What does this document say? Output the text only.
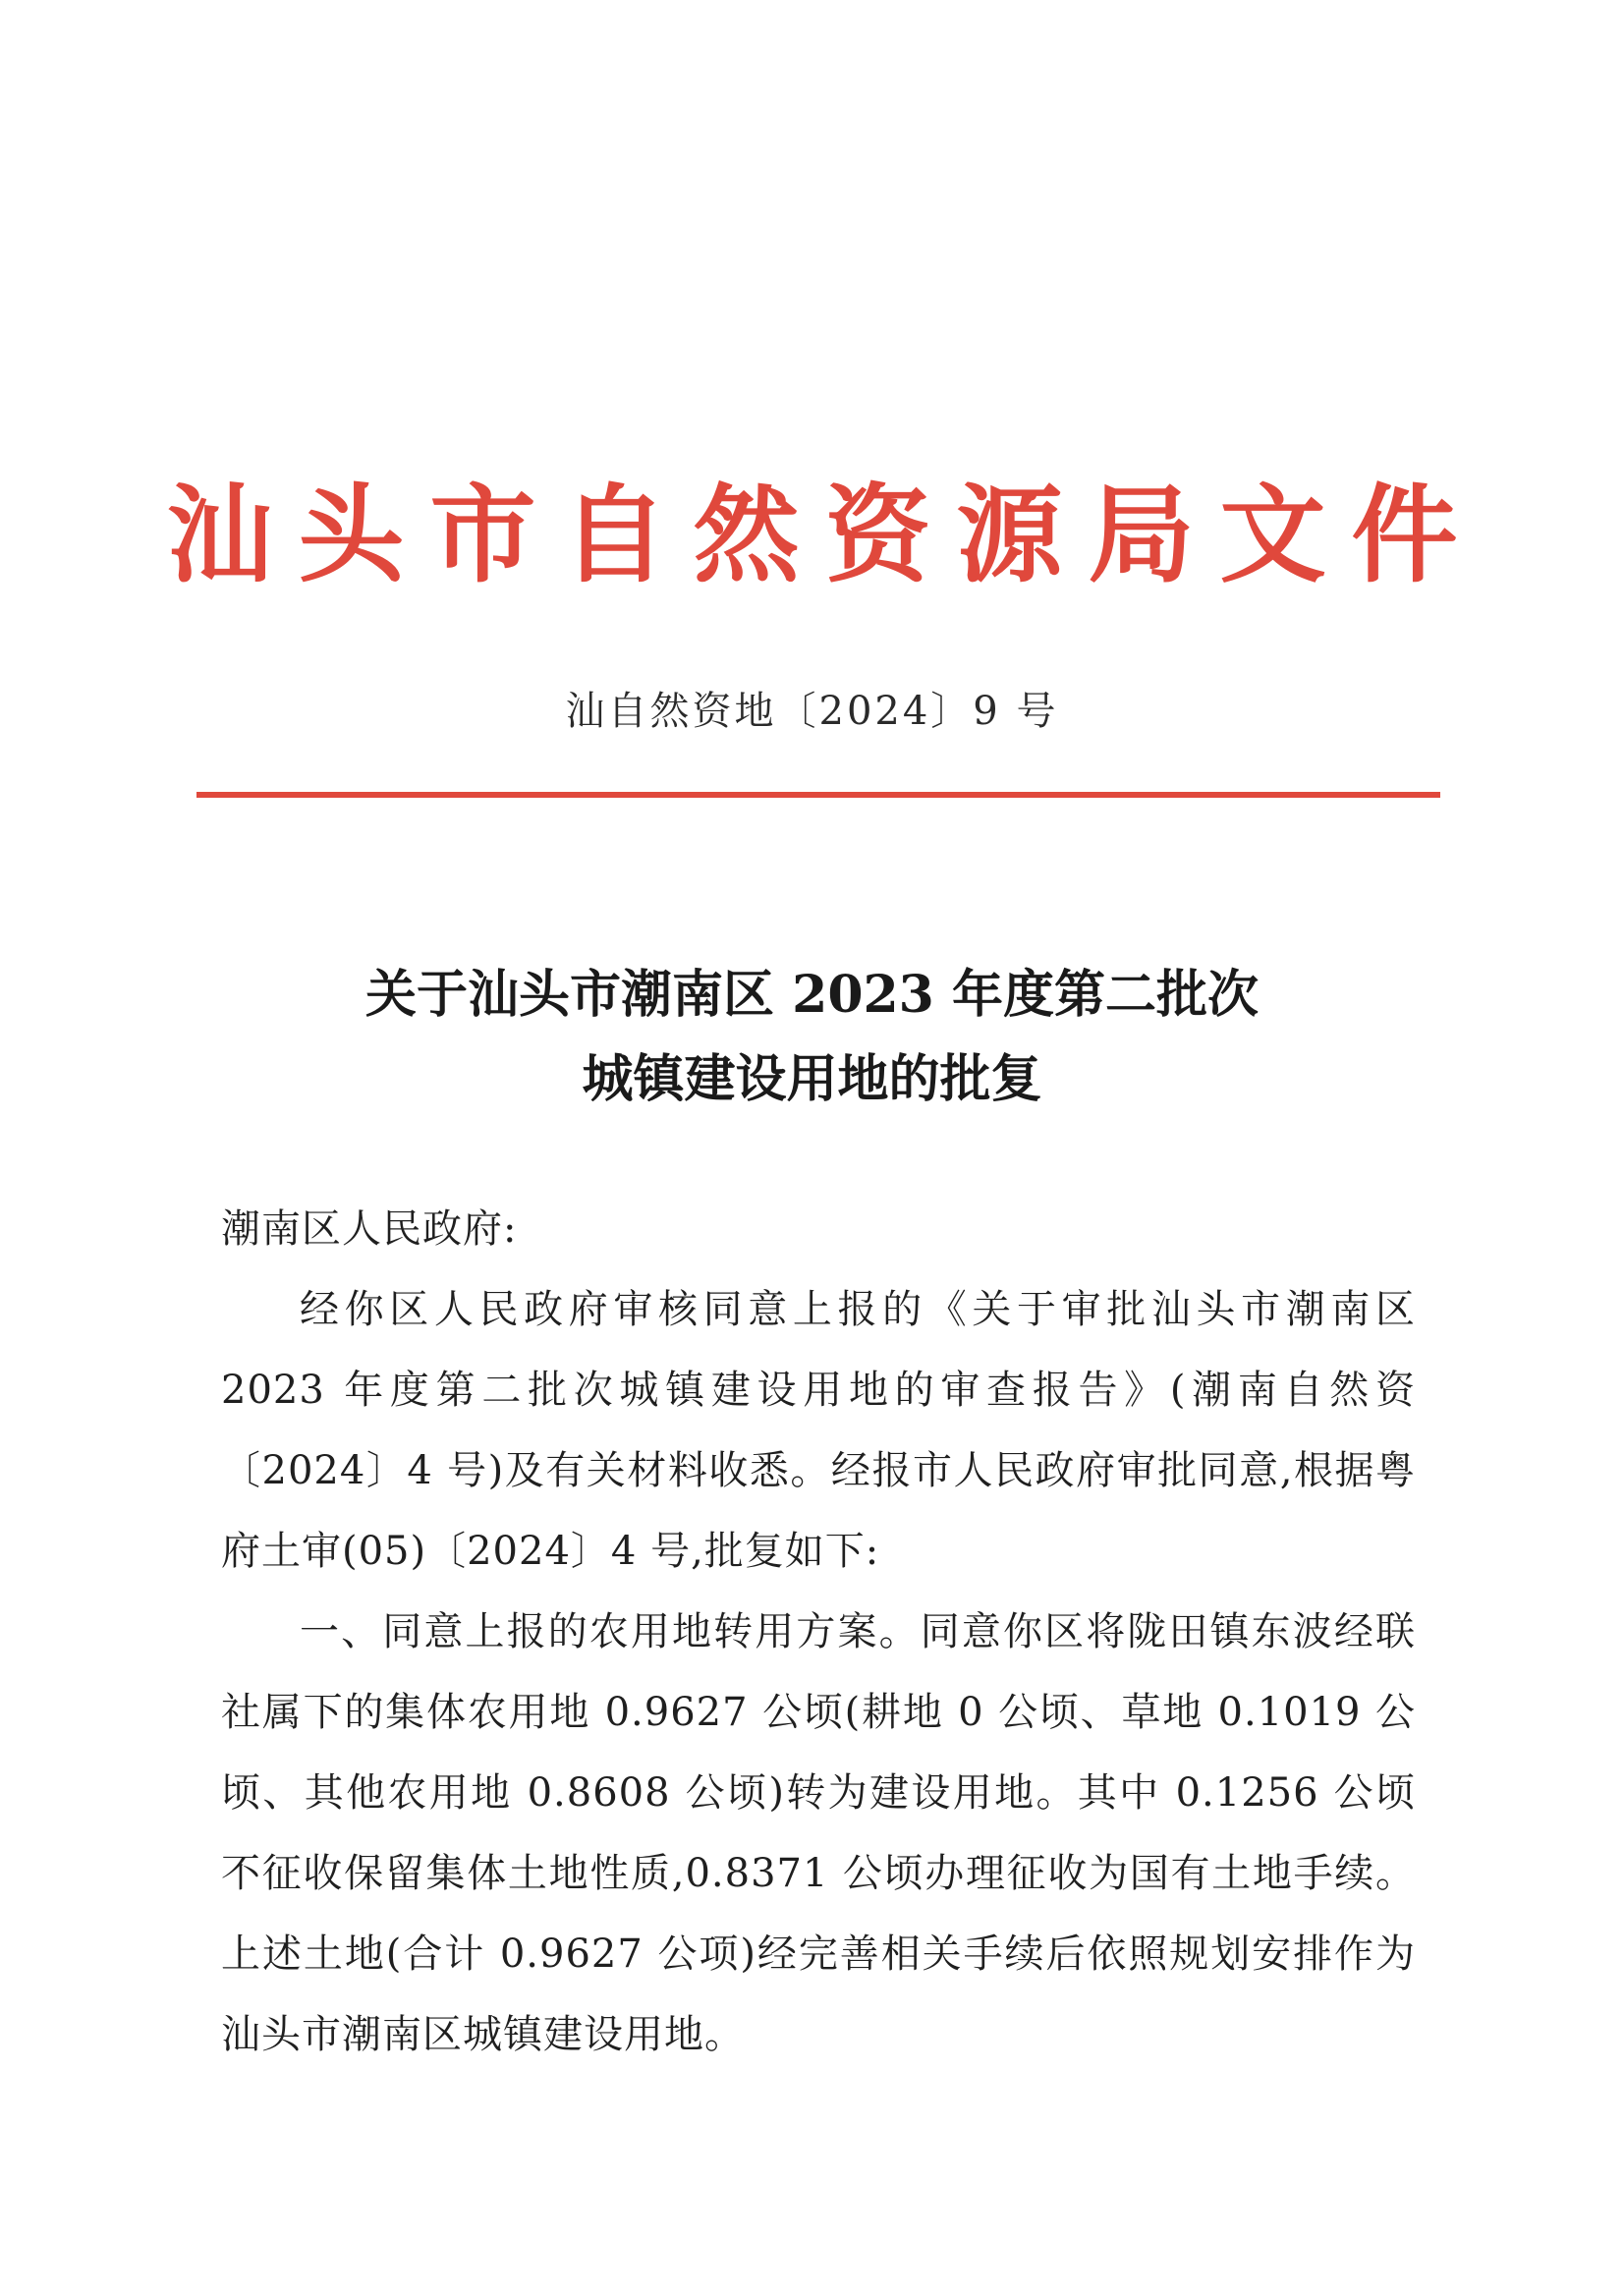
汕头市自然资源局文件
汕自然资地〔2024〕9 号
关于汕头市潮南区 2023 年度第二批次
城镇建设用地的批复

潮南区人民政府:

经你区人民政府审核同意上报的《关于审批汕头市潮南区 2023 年度第二批次城镇建设用地的审查报告》(潮南自然资〔2024〕4 号)及有关材料收悉。经报市人民政府审批同意,根据粤府土审(05)〔2024〕4 号,批复如下:

一、同意上报的农用地转用方案。同意你区将陇田镇东波经联社属下的集体农用地 0.9627 公顷(耕地 0 公顷、草地 0.1019 公顷、其他农用地 0.8608 公顷)转为建设用地。其中 0.1256 公顷不征收保留集体土地性质,0.8371 公顷办理征收为国有土地手续。上述土地(合计 0.9627 公项)经完善相关手续后依照规划安排作为汕头市潮南区城镇建设用地。
